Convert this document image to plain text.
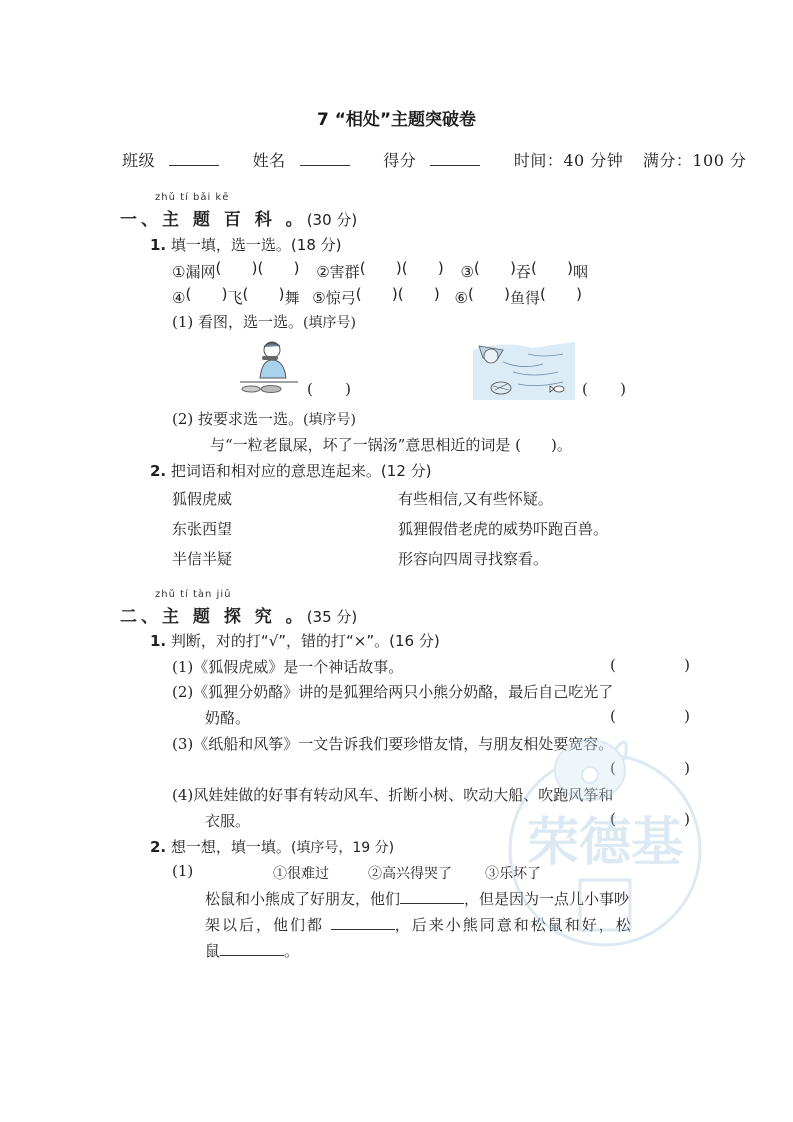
7 “相处”主题突破卷
班级	姓名	得分	时间：40 分钟 满分：100 分
zhǔ tí bǎi kē
一、主 题 百 科 。(30 分)
1. 填一填，选一选。(18 分)
①漏网 ( ) ( )	②害群 ( ) ( )	③ ( )	吞 ( )	咽
④ ( )	飞 ( )	舞 ⑤惊弓 ( ) ( )	⑥ ( )	鱼得( )
(1) 看图，选一选。(填序号)
( )
( )
(2) 按要求选一选。(填序号)
与“一粒老鼠屎，坏了一锅汤”意思相近的词是 ( )。
2. 把词语和相对应的意思连起来。(12 分)
狐假虎威
东张西望
半信半疑
有些相信,又有些怀疑。
狐狸假借老虎的威势吓跑百兽。
形容向四周寻找察看。
zhǔ tí tàn jiū
二、主 题 探 究 。(35 分)
1. 判断，对的打“√”，错的打“×”。(16 分)
(1)《狐假虎威》是一个神话故事。
(2)《狐狸分奶酪》讲的是狐狸给两只小熊分奶酪，最后自己吃光了
奶酪。
(3)《纸船和风筝》一文告诉我们要珍惜友情，与朋友相处要宽容。
(4)风娃娃做的好事有转动风车、折断小树、吹动大船、吹跑风筝和
衣服。
2. 想一想，填一填。(填序号，19 分)
(1)	①很难过	②高兴得哭了 ③乐坏了
松鼠和小熊成了好朋友，他们	，但是因为一点儿小事吵
架以后，他们都	，后来小熊同意和松鼠和好，松
鼠	。
荣德基
